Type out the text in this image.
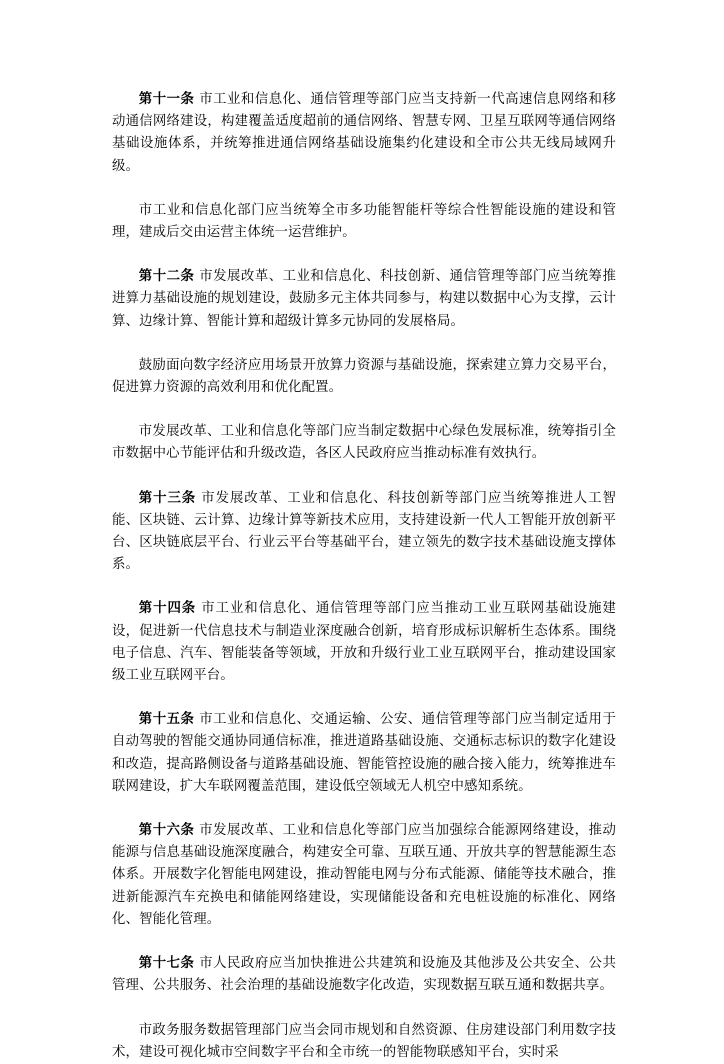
第十一条 市工业和信息化、通信管理等部门应当支持新一代高速信息网络和移动通信网络建设，构建覆盖适度超前的通信网络、智慧专网、卫星互联网等通信网络基础设施体系，并统筹推进通信网络基础设施集约化建设和全市公共无线局域网升级。

市工业和信息化部门应当统筹全市多功能智能杆等综合性智能设施的建设和管理，建成后交由运营主体统一运营维护。

第十二条 市发展改革、工业和信息化、科技创新、通信管理等部门应当统筹推进算力基础设施的规划建设，鼓励多元主体共同参与，构建以数据中心为支撑，云计算、边缘计算、智能计算和超级计算多元协同的发展格局。

鼓励面向数字经济应用场景开放算力资源与基础设施，探索建立算力交易平台，促进算力资源的高效利用和优化配置。

市发展改革、工业和信息化等部门应当制定数据中心绿色发展标准，统筹指引全市数据中心节能评估和升级改造，各区人民政府应当推动标准有效执行。

第十三条 市发展改革、工业和信息化、科技创新等部门应当统筹推进人工智能、区块链、云计算、边缘计算等新技术应用，支持建设新一代人工智能开放创新平台、区块链底层平台、行业云平台等基础平台，建立领先的数字技术基础设施支撑体系。

第十四条 市工业和信息化、通信管理等部门应当推动工业互联网基础设施建设，促进新一代信息技术与制造业深度融合创新，培育形成标识解析生态体系。围绕电子信息、汽车、智能装备等领域，开放和升级行业工业互联网平台，推动建设国家级工业互联网平台。

第十五条 市工业和信息化、交通运输、公安、通信管理等部门应当制定适用于自动驾驶的智能交通协同通信标准，推进道路基础设施、交通标志标识的数字化建设和改造，提高路侧设备与道路基础设施、智能管控设施的融合接入能力，统筹推进车联网建设，扩大车联网覆盖范围，建设低空领域无人机空中感知系统。

第十六条 市发展改革、工业和信息化等部门应当加强综合能源网络建设，推动能源与信息基础设施深度融合，构建安全可靠、互联互通、开放共享的智慧能源生态体系。开展数字化智能电网建设，推动智能电网与分布式能源、储能等技术融合，推进新能源汽车充换电和储能网络建设，实现储能设备和充电桩设施的标准化、网络化、智能化管理。

第十七条 市人民政府应当加快推进公共建筑和设施及其他涉及公共安全、公共管理、公共服务、社会治理的基础设施数字化改造，实现数据互联互通和数据共享。

市政务服务数据管理部门应当会同市规划和自然资源、住房建设部门利用数字技术，建设可视化城市空间数字平台和全市统一的智能物联感知平台，实时采
